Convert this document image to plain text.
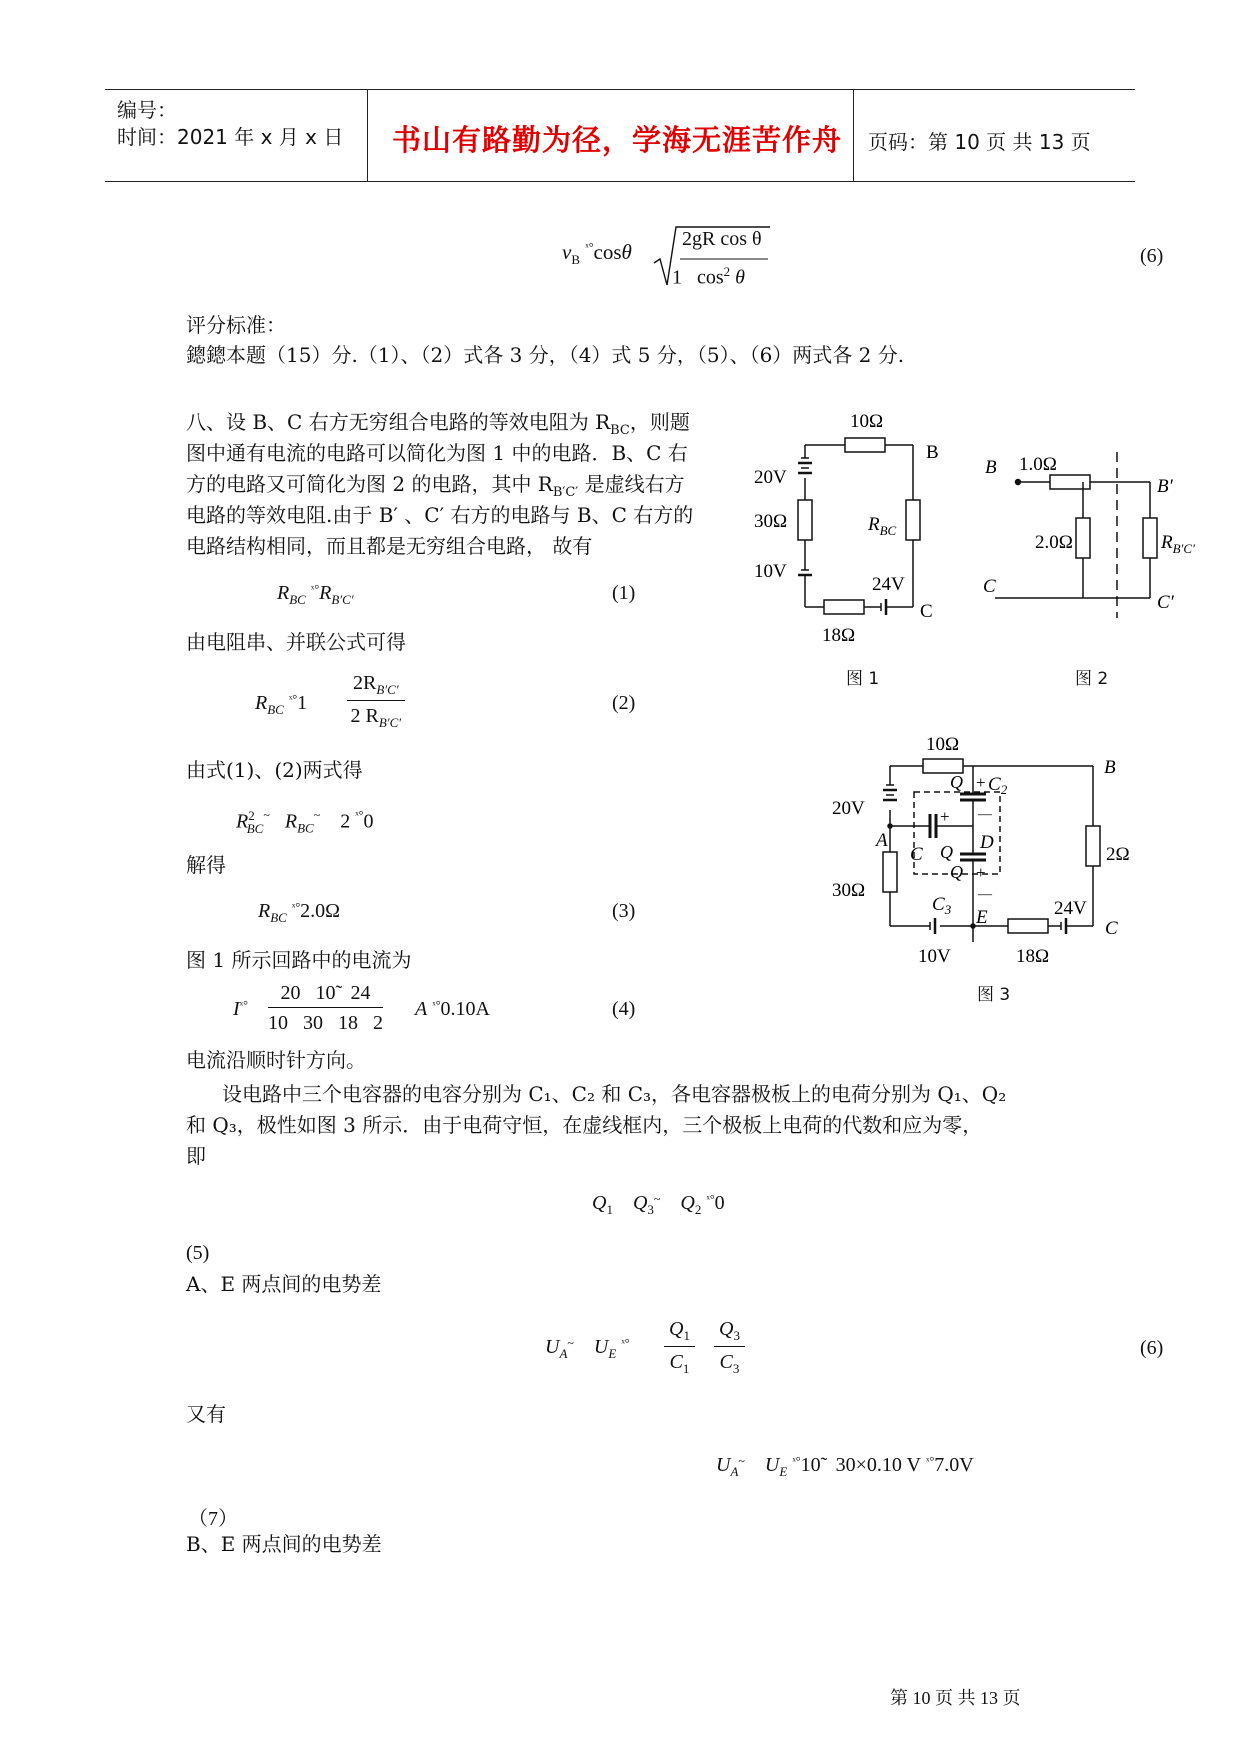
编号：
时间：2021 年 x 月 x 日 书山有路勤为径，学海无涯苦作舟 页码：第 10 页 共 13 页
$v_B$ $^{ˣ^\circ}$cosθ
2gR cos θ
1 $\cos^2 \theta$
(6)
评分标准：
鏓鏓本题（15）分.（1）、（2）式各 3 分，（4）式 5 分，（5）、（6）两式各 2 分.
八、设 B、C 右方无穷组合电路的等效电阻为 $R_{BC}$，则题
图中通有电流的电路可以简化为图 1 中的电路．B、C 右
方的电路又可简化为图 2 的电路，其中 $R_{B'C'}$ 是虚线右方
电路的等效电阻.由于 B′ 、C′ 右方的电路与 B、C 右方的
电路结构相同，而且都是无穷组合电路， 故有
$R_{BC}$ $^{ˣ^\circ}R_{B'C'}$	(1)
由电阻串、并联公式可得
$R_{BC}$ $^{ˣ^\circ}$1
$2R_{B'C'}$
2 $R_{B'C'}$
(2)
由式(1)、(2)两式得
$R^2_{BC}^\sim$ $R_{BC}^\sim$ 2 $^{ˣ^\circ}$0
解得
$R_{BC}$ $^{ˣ^\circ}$2.0Ω	(3)
图 1 所示回路中的电流为
$I^{ˣ^\circ}$
20   10̃   24
10   30   18   2
A $^{ˣ^\circ}$0.10A	(4)
电流沿顺时针方向。
设电路中三个电容器的电容分别为 C₁、C₂ 和 C₃，各电容器极板上的电荷分别为 Q₁、Q₂
和 Q₃，极性如图 3 所示．由于电荷守恒，在虚线框内，三个极板上电荷的代数和应为零，
即
$Q_1$ $Q_3^\sim$ $Q_2$ $^{ˣ^\circ}$0
(5)
A、E 两点间的电势差
$U_A^\sim$ $U_E$ $^{ˣ^\circ}$
$Q_1$
$C_1$
$Q_3$
$C_3$
(6)
又有
$U_A^\sim$ $U_E$ $^{ˣ^\circ}$10̃   30×0.10 V $^{ˣ^\circ}$7.0V
（7）
B、E 两点间的电势差
10Ω
B
20V
30Ω	$R_{BC}$
10V
24V
C
18Ω
图 1
B 1.0Ω
B′
2.0Ω	$R_{B'C'}$
C
C′
图 2
10Ω
B
$Q + C_2$
—
20V
A
C
+
Q D
Q +
—
2Ω
30Ω
$C_3$	24V
E
C
10V	18Ω
图 3
第 10 页 共 13 页
